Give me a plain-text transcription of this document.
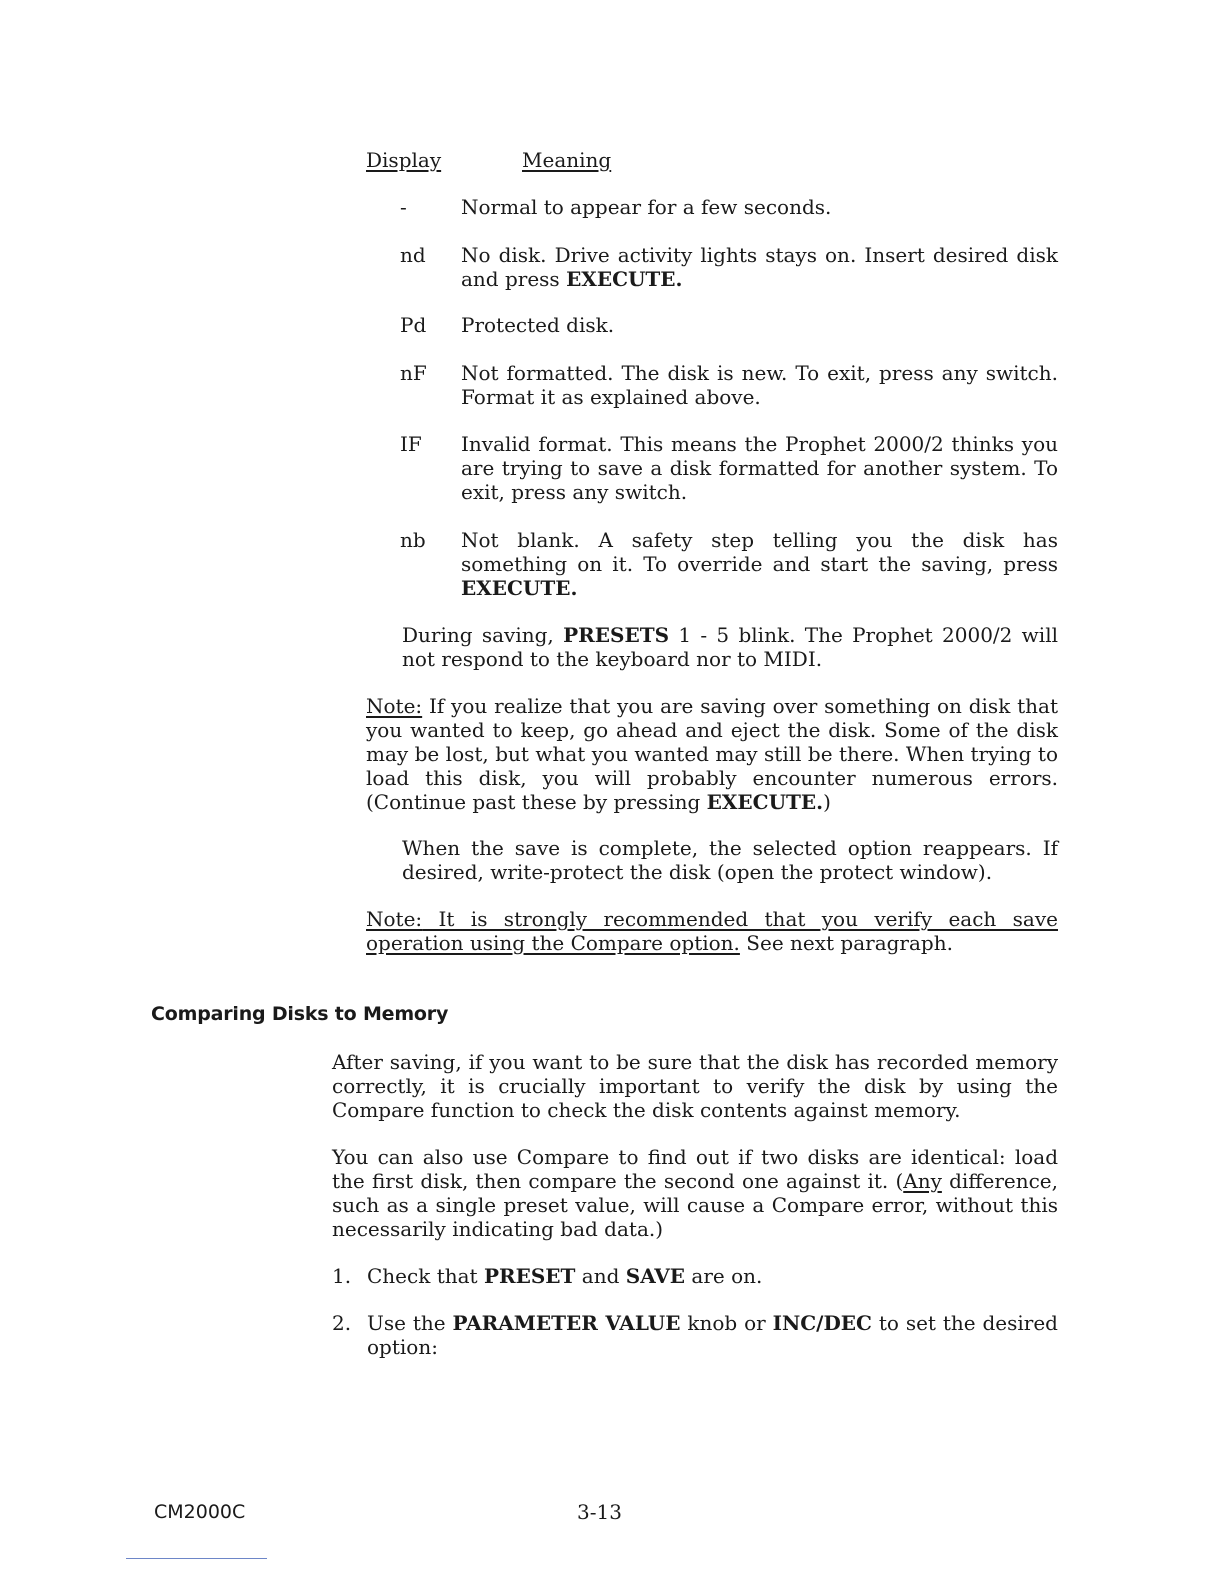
Display	Meaning
-	Normal to appear for a few seconds.
nd	No disk. Drive activity lights stays on. Insert desired disk and press EXECUTE.

Pd	Protected disk.
nF	Not formatted. The disk is new. To exit, press any switch. Format it as explained above.

IF	Invalid format. This means the Prophet 2000/2 thinks you are trying to save a disk formatted for another system. To exit, press any switch.

nb	Not blank. A safety step telling you the disk has something on it. To override and start the saving, press EXECUTE.

During saving, PRESETS 1 - 5 blink. The Prophet 2000/2 will not respond to the keyboard nor to MIDI.

Note: If you realize that you are saving over something on disk that you wanted to keep, go ahead and eject the disk. Some of the disk may be lost, but what you wanted may still be there. When trying to load this disk, you will probably encounter numerous errors. (Continue past these by pressing EXECUTE.)

When the save is complete, the selected option reappears. If desired, write-protect the disk (open the protect window).

Note: It is strongly recommended that you verify each save operation using the Compare option. See next paragraph.

Comparing Disks to Memory

After saving, if you want to be sure that the disk has recorded memory correctly, it is crucially important to verify the disk by using the Compare function to check the disk contents against memory.

You can also use Compare to find out if two disks are identical: load the first disk, then compare the second one against it. (Any difference, such as a single preset value, will cause a Compare error, without this necessarily indicating bad data.)

1. Check that PRESET and SAVE are on.

2. Use the PARAMETER VALUE knob or INC/DEC to set the desired option:

CM2000C	3-13
